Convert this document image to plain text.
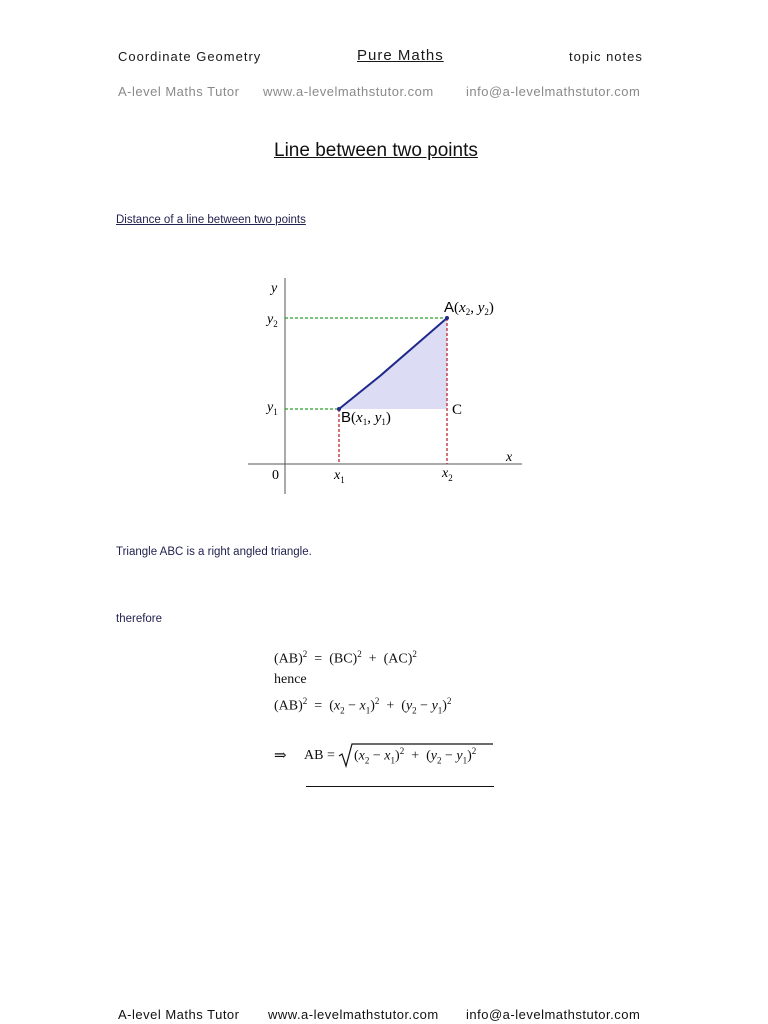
Coordinate Geometry	Pure Maths	topic notes
A-level Maths Tutor www.a-levelmathstutor.com info@a-levelmathstutor.com
Line between two points
Distance of a line between two points
y
x
0
$y_2$
$y_1$
$x_1$	$x_2$
$A(x_2$, $y_2$)
$B(x_1$, $y_1$)	C
Triangle ABC is a right angled triangle.
therefore
(AB)$^2$ = (BC)$^2$ + (AC)$^2$
hence
$(AB)^2 = (x_2 - x_1)^2 + (y_2 - y_1)^2$
⇒ AB = $(x_2 - x_1)^2 + (y_2 - y_1)^2$
A-level Maths Tutor www.a-levelmathstutor.com info@a-levelmathstutor.com
